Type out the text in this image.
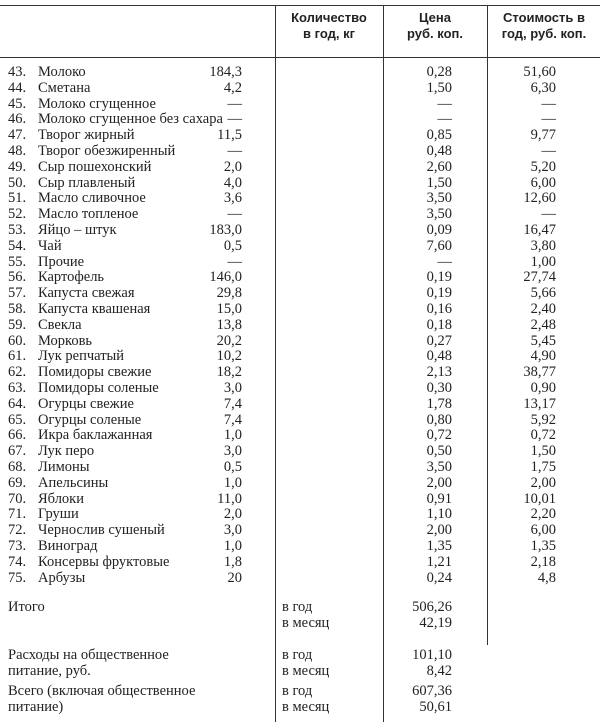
Количество
в год, кг
Цена
руб. коп.
Стоимость в
год, руб. коп.
43. Молоко	184,3	0,28	51,60
44. Сметана	4,2	1,50	6,30
45. Молоко сгущенное	—	—	—
46. Молоко сгущенное без сахара —	—	—
47. Творог жирный	11,5	0,85	9,77
48. Творог обезжиренный	—	0,48	—
49. Сыр пошехонский	2,0	2,60	5,20
50. Сыр плавленый	4,0	1,50	6,00
51. Масло сливочное	3,6	3,50	12,60
52. Масло топленое	—	3,50	—
53. Яйцо – штук	183,0	0,09	16,47
54. Чай	0,5	7,60	3,80
55. Прочие	—	—	1,00
56. Картофель	146,0	0,19	27,74
57. Капуста свежая	29,8	0,19	5,66
58. Капуста квашеная	15,0	0,16	2,40
59. Свекла	13,8	0,18	2,48
60. Морковь	20,2	0,27	5,45
61. Лук репчатый	10,2	0,48	4,90
62. Помидоры свежие	18,2	2,13	38,77
63. Помидоры соленые	3,0	0,30	0,90
64. Огурцы свежие	7,4	1,78	13,17
65. Огурцы соленые	7,4	0,80	5,92
66. Икра баклажанная	1,0	0,72	0,72
67. Лук перо	3,0	0,50	1,50
68. Лимоны	0,5	3,50	1,75
69. Апельсины	1,0	2,00	2,00
70. Яблоки	11,0	0,91	10,01
71. Груши	2,0	1,10	2,20
72. Чернослив сушеный	3,0	2,00	6,00
73. Виноград	1,0	1,35	1,35
74. Консервы фруктовые	1,8	1,21	2,18
75. Арбузы	20	0,24	4,8
Итого	в год	506,26
в месяц	42,19
Расходы на общественное
питание, руб.
в год	101,10
в месяц	8,42
Всего (включая общественное
питание)
в год	607,36
в месяц	50,61
